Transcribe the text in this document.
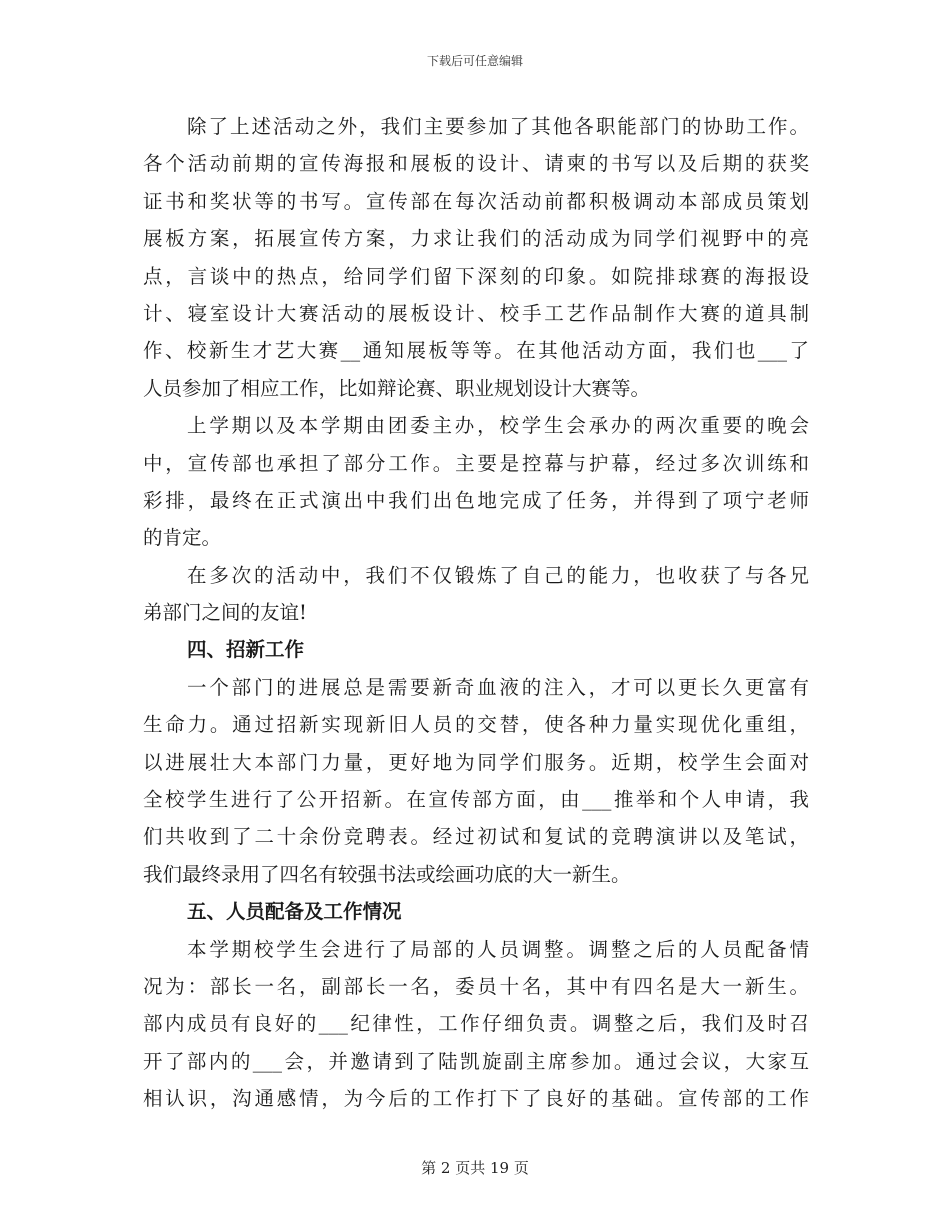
下载后可任意编辑
除了上述活动之外，我们主要参加了其他各职能部门的协助工作。
各个活动前期的宣传海报和展板的设计、请柬的书写以及后期的获奖
证书和奖状等的书写。宣传部在每次活动前都积极调动本部成员策划
展板方案，拓展宣传方案，力求让我们的活动成为同学们视野中的亮
点，言谈中的热点，给同学们留下深刻的印象。如院排球赛的海报设
计、寝室设计大赛活动的展板设计、校手工艺作品制作大赛的道具制
作、校新生才艺大赛__通知展板等等。在其他活动方面，我们也___了
人员参加了相应工作，比如辩论赛、职业规划设计大赛等。
上学期以及本学期由团委主办，校学生会承办的两次重要的晚会
中，宣传部也承担了部分工作。主要是控幕与护幕，经过多次训练和
彩排，最终在正式演出中我们出色地完成了任务，并得到了项宁老师
的肯定。
在多次的活动中，我们不仅锻炼了自己的能力，也收获了与各兄
弟部门之间的友谊!
四、招新工作
一个部门的进展总是需要新奇血液的注入，才可以更长久更富有
生命力。通过招新实现新旧人员的交替，使各种力量实现优化重组，
以进展壮大本部门力量，更好地为同学们服务。近期，校学生会面对
全校学生进行了公开招新。在宣传部方面，由___推举和个人申请，我
们共收到了二十余份竞聘表。经过初试和复试的竞聘演讲以及笔试，
我们最终录用了四名有较强书法或绘画功底的大一新生。
五、人员配备及工作情况
本学期校学生会进行了局部的人员调整。调整之后的人员配备情
况为：部长一名，副部长一名，委员十名，其中有四名是大一新生。
部内成员有良好的___纪律性，工作仔细负责。调整之后，我们及时召
开了部内的___会，并邀请到了陆凯旋副主席参加。通过会议，大家互
相认识，沟通感情，为今后的工作打下了良好的基础。宣传部的工作
第 2 页共 19 页
